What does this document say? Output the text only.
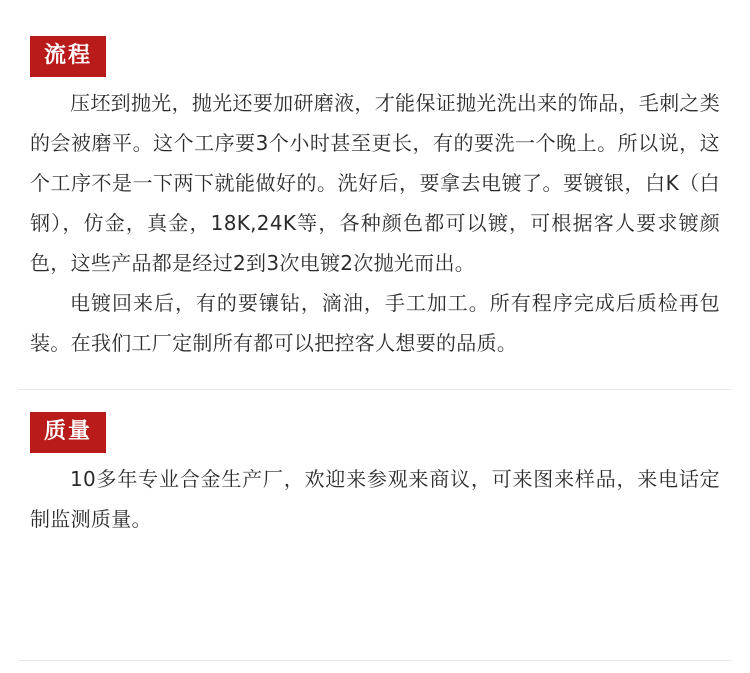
流程

压坯到抛光，抛光还要加研磨液，才能保证抛光洗出来的饰品，毛刺之类的会被磨平。这个工序要3个小时甚至更长，有的要洗一个晚上。所以说，这个工序不是一下两下就能做好的。洗好后，要拿去电镀了。要镀银，白K（白钢），仿金，真金，18K,24K等，各种颜色都可以镀，可根据客人要求镀颜色，这些产品都是经过2到3次电镀2次抛光而出。

电镀回来后，有的要镶钻，滴油，手工加工。所有程序完成后质检再包装。在我们工厂定制所有都可以把控客人想要的品质。

质量

10多年专业合金生产厂，欢迎来参观来商议，可来图来样品，来电话定制监测质量。
